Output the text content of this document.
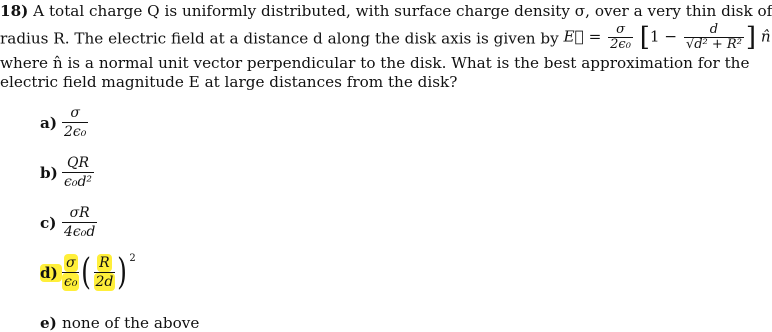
18) A total charge Q is uniformly distributed, with surface charge density σ, over a very thin disk of
radius R. The electric field at a distance d along the disk axis is given by E⃗ = $\frac{\sigma}{\text{2ϵ₀}} [1 - \frac{d}{\text{√d² + R²}}$ ] n̂
where n̂ is a normal unit vector perpendicular to the disk. What is the best approximation for the
electric field magnitude E at large distances from the disk?
$a) \frac{\sigma}{\text{2ϵ₀}}$
$b) \frac{QR}{\text{ϵ₀d²}}$
$c) \frac{\sigma R}{\text{4ϵ₀d}}$
$d) \frac{\sigma}{\text{ϵ₀}}$ ( $\frac{R}{2d} )^2$
e) none of the above
